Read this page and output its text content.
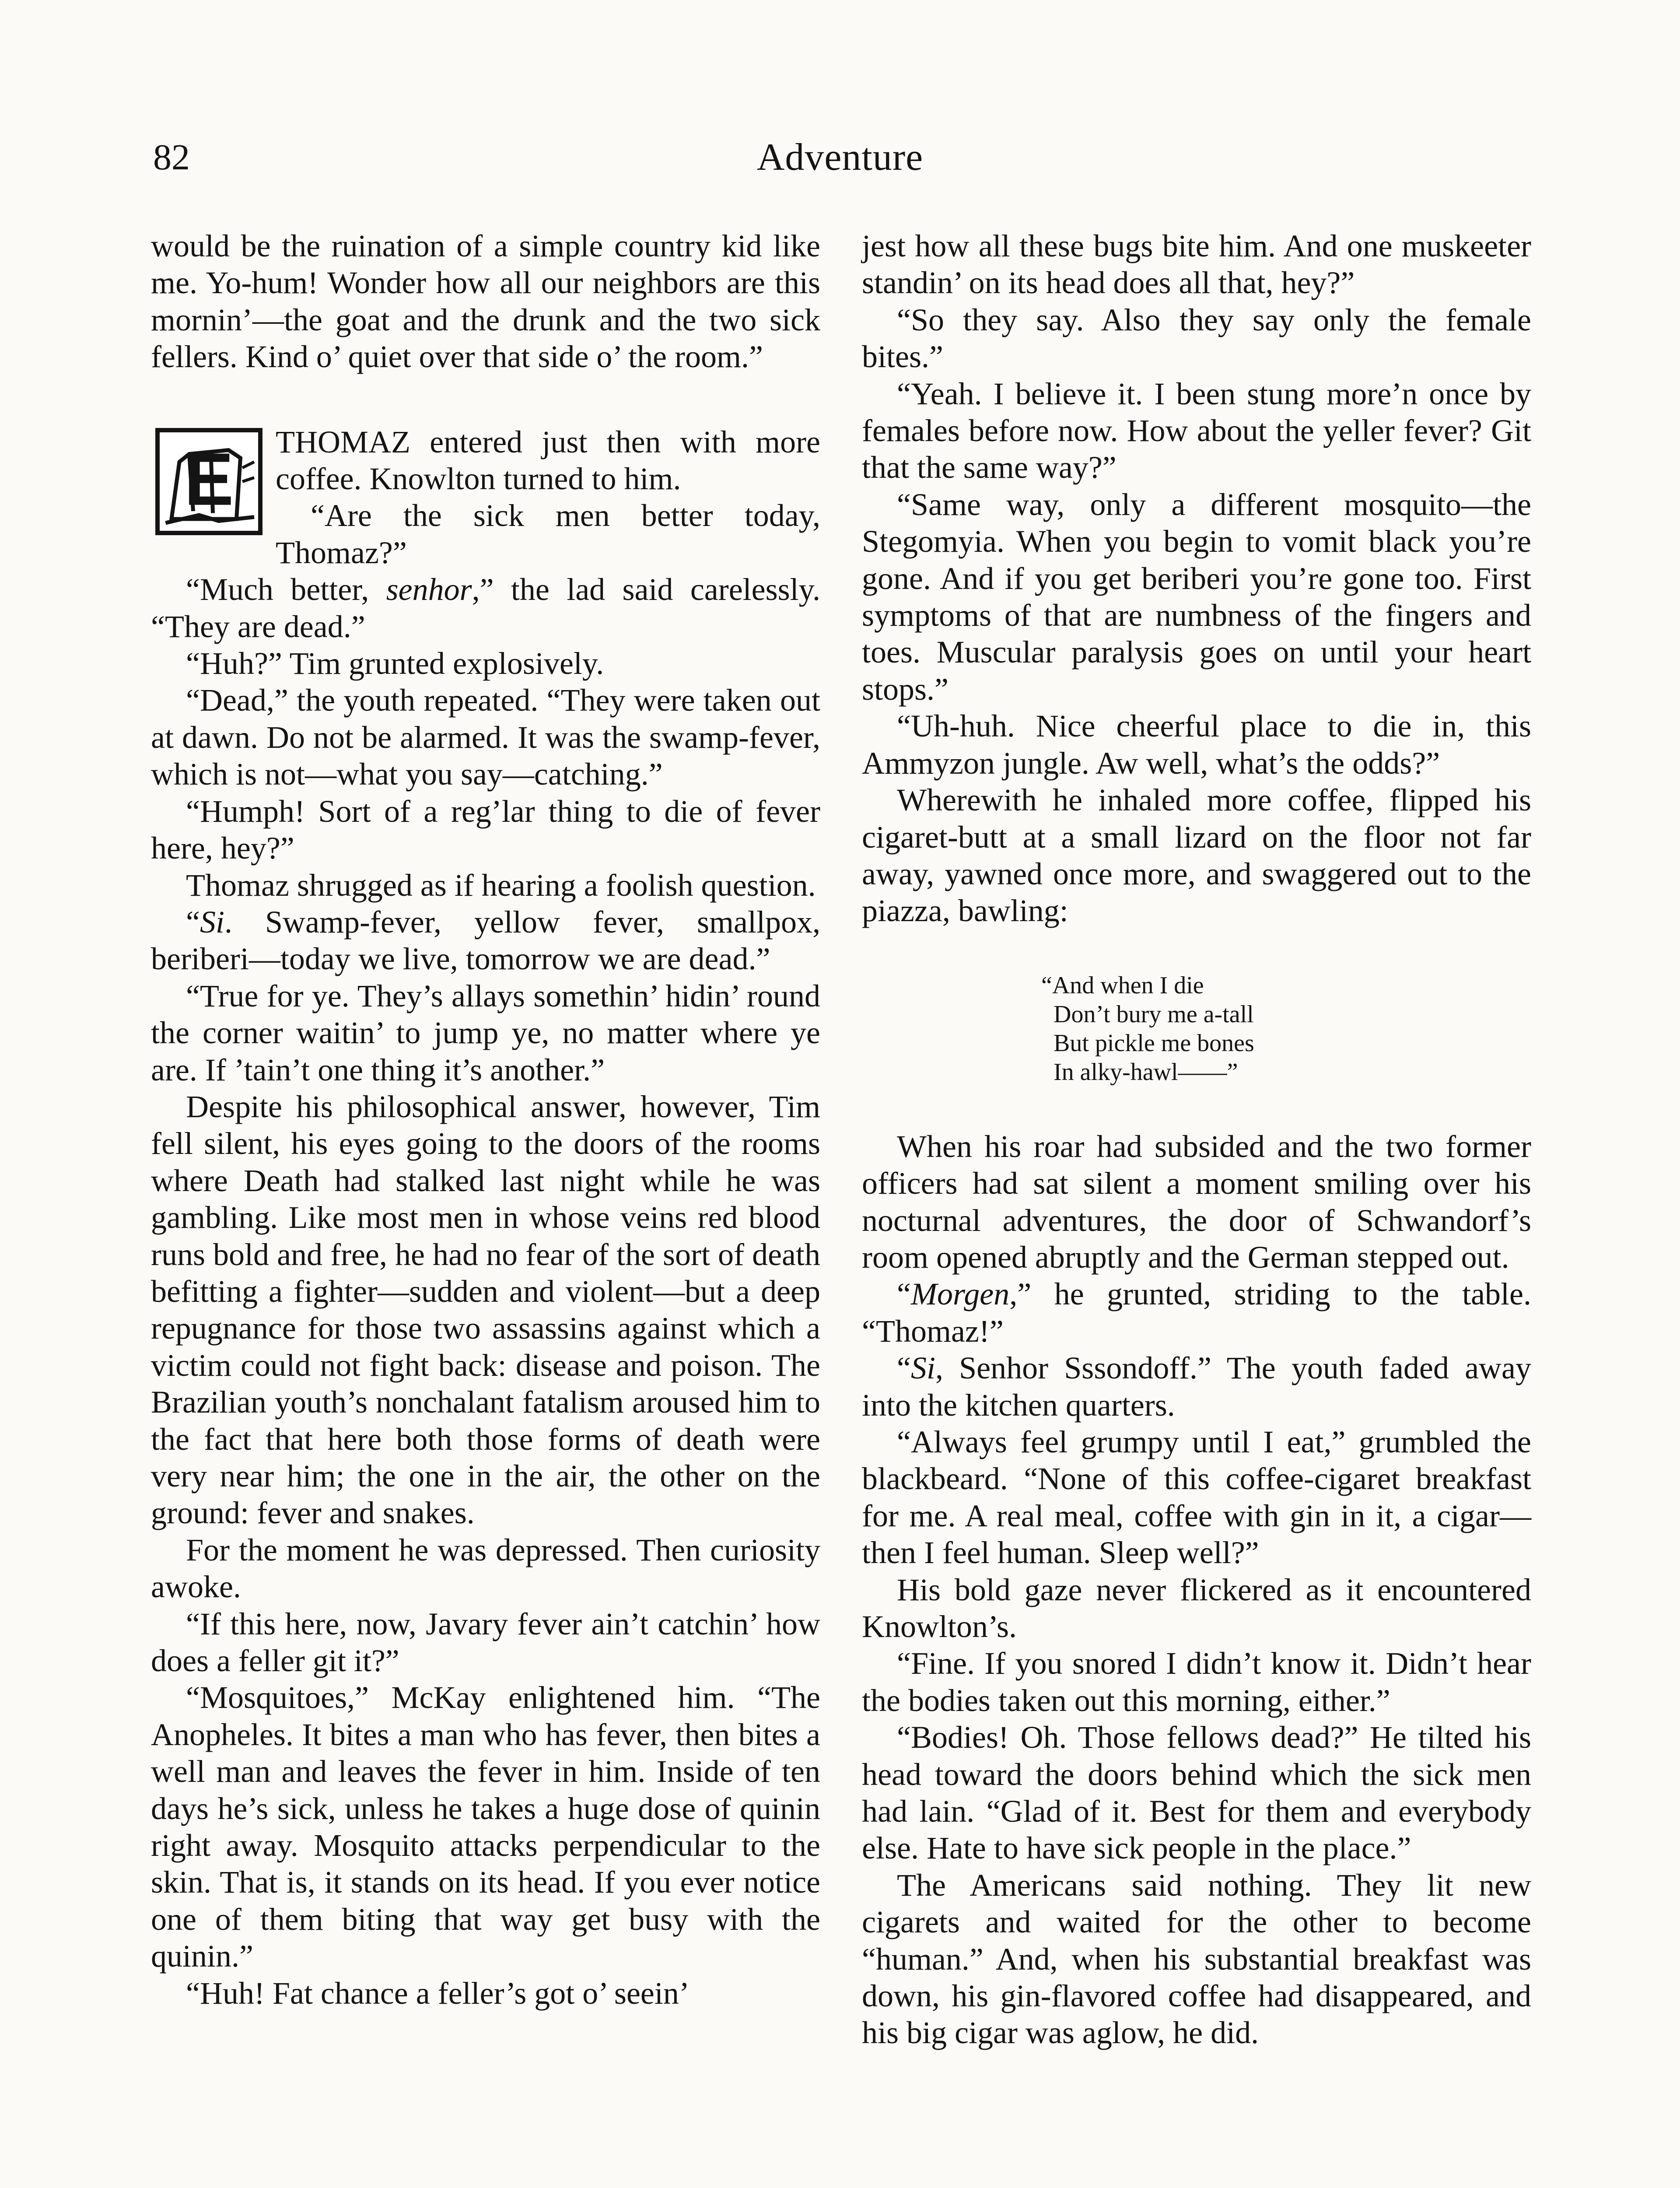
82	Adventure

would be the ruination of a simple country kid like me. Yo-hum! Wonder how all our neighbors are this mornin’—the goat and the drunk and the two sick fellers. Kind o’ quiet over that side o’ the room.”

E	THOMAZ entered just then with more coffee. Knowlton turned to him.

“Are the sick men better today, Thomaz?”

“Much better, senhor,” the lad said carelessly. “They are dead.”

“Huh?” Tim grunted explosively.

“Dead,” the youth repeated. “They were taken out at dawn. Do not be alarmed. It was the swamp-fever, which is not—what you say—catching.”

“Humph! Sort of a reg’lar thing to die of fever here, hey?”

Thomaz shrugged as if hearing a foolish question.

“Si. Swamp-fever, yellow fever, smallpox, beriberi—today we live, tomorrow we are dead.”

“True for ye. They’s allays somethin’ hidin’ round the corner waitin’ to jump ye, no matter where ye are. If ’tain’t one thing it’s another.”

Despite his philosophical answer, however, Tim fell silent, his eyes going to the doors of the rooms where Death had stalked last night while he was gambling. Like most men in whose veins red blood runs bold and free, he had no fear of the sort of death befitting a fighter—sudden and violent—but a deep repugnance for those two assassins against which a victim could not fight back: disease and poison. The Brazilian youth’s nonchalant fatalism aroused him to the fact that here both those forms of death were very near him; the one in the air, the other on the ground: fever and snakes.

For the moment he was depressed. Then curiosity awoke.

“If this here, now, Javary fever ain’t catchin’ how does a feller git it?”

“Mosquitoes,” McKay enlightened him. “The Anopheles. It bites a man who has fever, then bites a well man and leaves the fever in him. Inside of ten days he’s sick, unless he takes a huge dose of quinin right away. Mosquito attacks perpendicular to the skin. That is, it stands on its head. If you ever notice one of them biting that way get busy with the quinin.”

“Huh! Fat chance a feller’s got o’ seein’

jest how all these bugs bite him. And one muskeeter standin’ on its head does all that, hey?”

“So they say. Also they say only the female bites.”

“Yeah. I believe it. I been stung more’n once by females before now. How about the yeller fever? Git that the same way?”

“Same way, only a different mosquito—the Stegomyia. When you begin to vomit black you’re gone. And if you get beriberi you’re gone too. First symptoms of that are numbness of the fingers and toes. Muscular paralysis goes on until your heart stops.”

“Uh-huh. Nice cheerful place to die in, this Ammyzon jungle. Aw well, what’s the odds?”

Wherewith he inhaled more coffee, flipped his cigaret-butt at a small lizard on the floor not far away, yawned once more, and swaggered out to the piazza, bawling:

“And when I die
Don’t bury me a-tall
But pickle me bones
In alky-hawl——”

When his roar had subsided and the two former officers had sat silent a moment smiling over his nocturnal adventures, the door of Schwandorf’s room opened abruptly and the German stepped out.

“Morgen,” he grunted, striding to the table. “Thomaz!”

“Si, Senhor Sssondoff.” The youth faded away into the kitchen quarters.

“Always feel grumpy until I eat,” grumbled the blackbeard. “None of this coffee-cigaret breakfast for me. A real meal, coffee with gin in it, a cigar—then I feel human. Sleep well?”

His bold gaze never flickered as it encountered Knowlton’s.

“Fine. If you snored I didn’t know it. Didn’t hear the bodies taken out this morning, either.”

“Bodies! Oh. Those fellows dead?” He tilted his head toward the doors behind which the sick men had lain. “Glad of it. Best for them and everybody else. Hate to have sick people in the place.”

The Americans said nothing. They lit new cigarets and waited for the other to become “human.” And, when his substantial breakfast was down, his gin-flavored coffee had disappeared, and his big cigar was aglow, he did.
